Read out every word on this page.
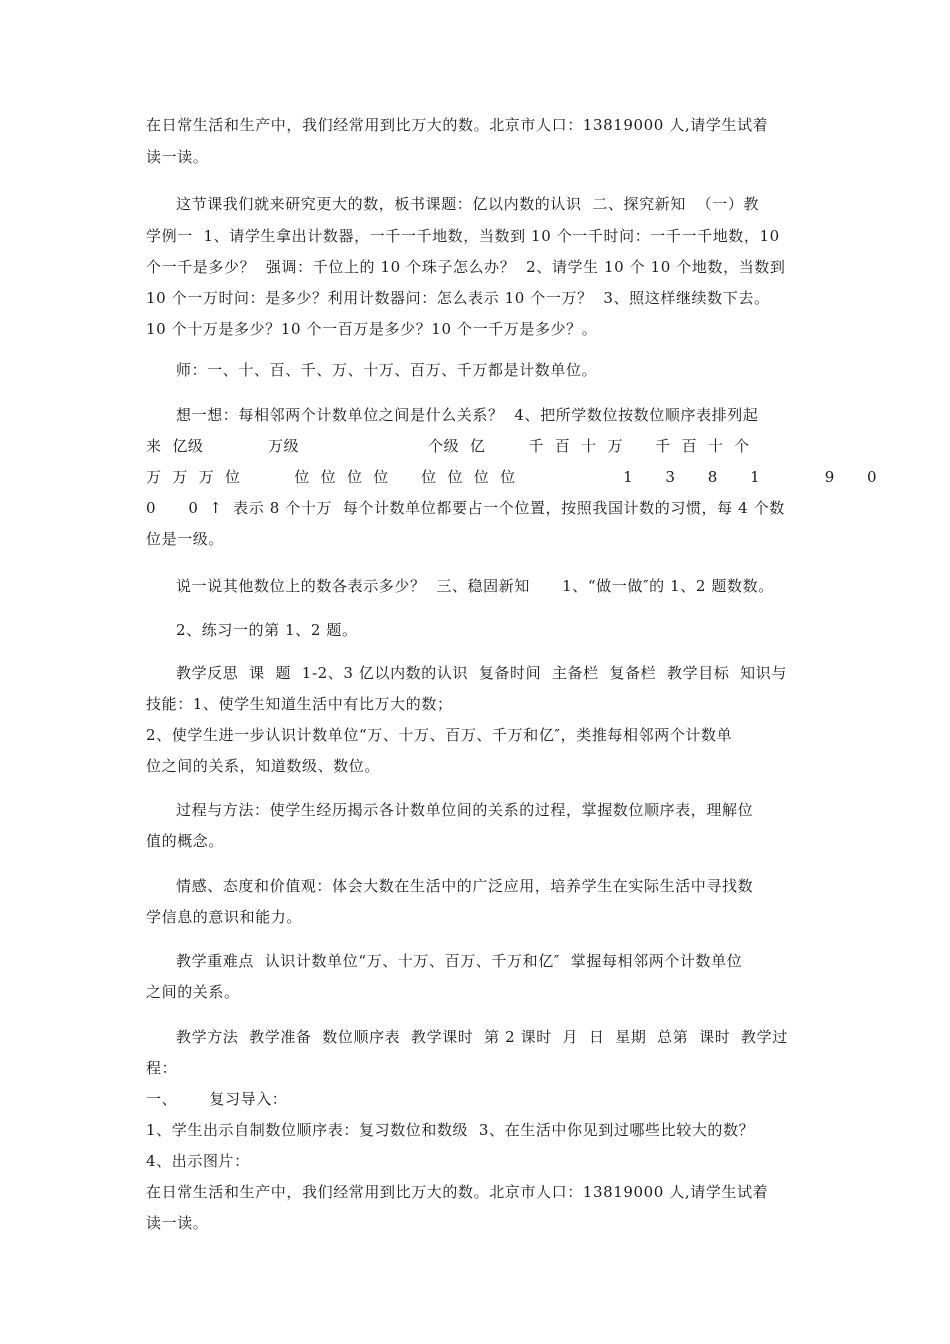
在日常生活和生产中，我们经常用到比万大的数。北京市人口：13819000 人,请学生试着
读一读。
这节课我们就来研究更大的数，板书课题：亿以内数的认识  二、探究新知  （一）教
学例一  1、请学生拿出计数器，一千一千地数，当数到 10 个一千时问：一千一千地数，10
个一千是多少？  强调：千位上的 10 个珠子怎么办？  2、请学生 10 个 10 个地数，当数到
10 个一万时问：是多少？利用计数器问：怎么表示 10 个一万？  3、照这样继续数下去。
10 个十万是多少？10 个一百万是多少？10 个一千万是多少？。
师：一、十、百、千、万、十万、百万、千万都是计数单位。
想一想：每相邻两个计数单位之间是什么关系？  4、把所学数位按数位顺序表排列起
来  亿级            万级                        个级  亿        千  百  十  万      千  百  十  个
万  万  万  位          位  位  位  位      位  位  位  位                    1      3      8      1            9      0
0      0  ↑  表示 8 个十万  每个计数单位都要占一个位置，按照我国计数的习惯，每 4 个数
位是一级。
说一说其他数位上的数各表示多少？  三、稳固新知      1、“做一做″的 1、2 题数数。
2、练习一的第 1、2 题。
教学反思  课  题  1-2、3 亿以内数的认识  复备时间  主备栏  复备栏  教学目标  知识与
技能：1、使学生知道生活中有比万大的数；
2、使学生进一步认识计数单位“万、十万、百万、千万和亿″，类推每相邻两个计数单
位之间的关系，知道数级、数位。
过程与方法：使学生经历揭示各计数单位间的关系的过程，掌握数位顺序表，理解位
值的概念。
情感、态度和价值观：体会大数在生活中的广泛应用，培养学生在实际生活中寻找数
学信息的意识和能力。
教学重难点  认识计数单位“万、十万、百万、千万和亿″  掌握每相邻两个计数单位
之间的关系。
教学方法  教学准备  数位顺序表  教学课时  第 2 课时  月  日  星期  总第  课时  教学过
程：
一、      复习导入：
1、学生出示自制数位顺序表：复习数位和数级  3、在生活中你见到过哪些比较大的数？
4、出示图片：
在日常生活和生产中，我们经常用到比万大的数。北京市人口：13819000 人,请学生试着
读一读。
